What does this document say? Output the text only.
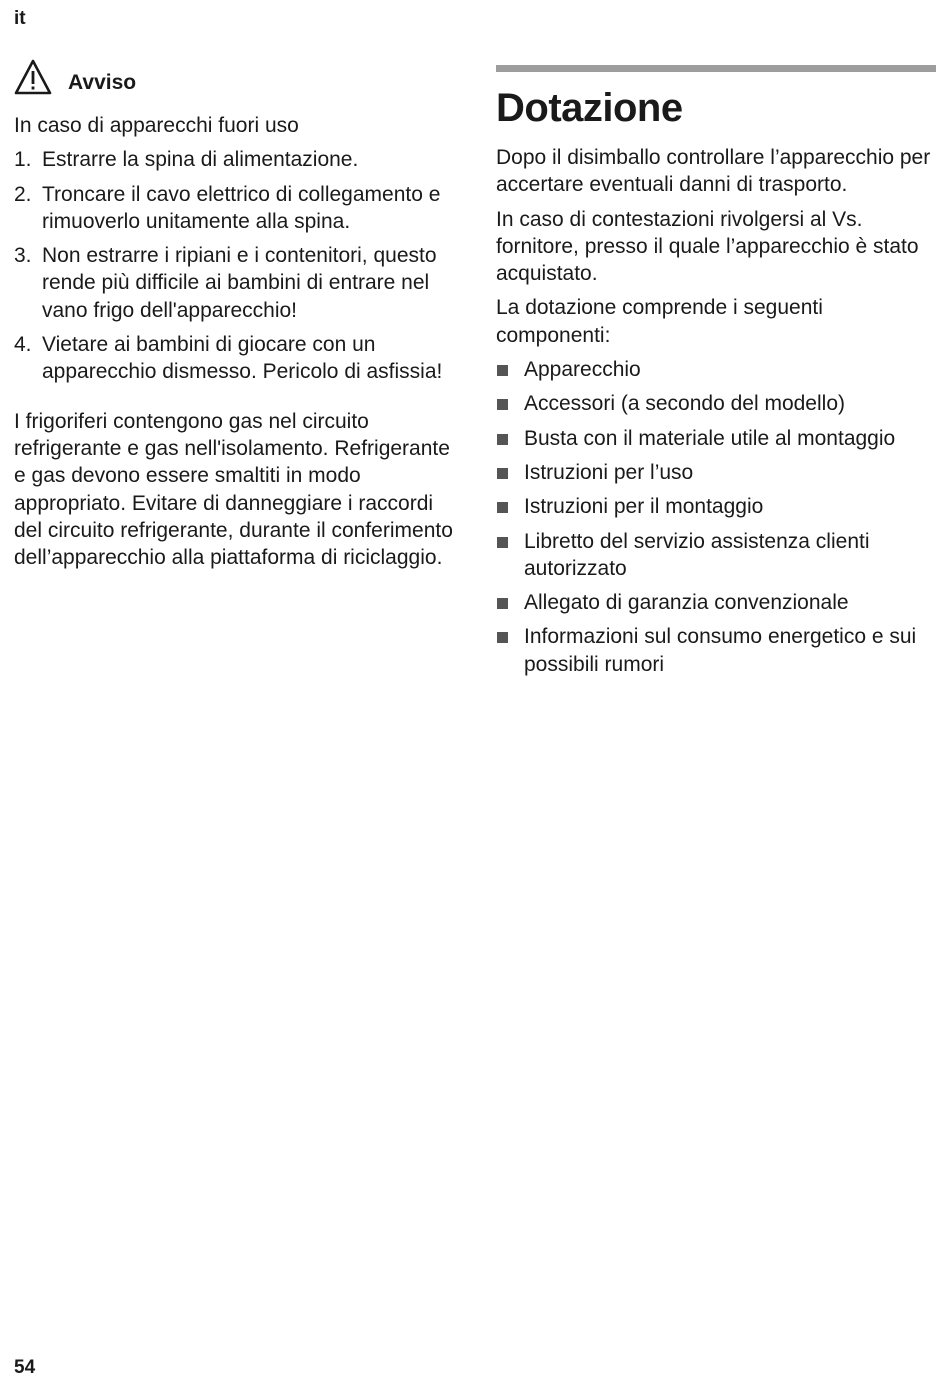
it
Avviso
In caso di apparecchi fuori uso
1. Estrarre la spina di alimentazione.
2. Troncare il cavo elettrico di collegamento e rimuoverlo unitamente alla spina.
3. Non estrarre i ripiani e i contenitori, questo rende più difficile ai bambini di entrare nel vano frigo dell'apparecchio!
4. Vietare ai bambini di giocare con un apparecchio dismesso. Pericolo di asfissia!
I frigoriferi contengono gas nel circuito refrigerante e gas nell'isolamento. Refrigerante e gas devono essere smaltiti in modo appropriato. Evitare di danneggiare i raccordi del circuito refrigerante, durante il conferimento dell’apparecchio alla piattaforma di riciclaggio.
Dotazione
Dopo il disimballo controllare l’apparecchio per accertare eventuali danni di trasporto.
In caso di contestazioni rivolgersi al Vs. fornitore, presso il quale l’apparecchio è stato acquistato.
La dotazione comprende i seguenti componenti:
Apparecchio
Accessori (a secondo del modello)
Busta con il materiale utile al montaggio
Istruzioni per l’uso
Istruzioni per il montaggio
Libretto del servizio assistenza clienti autorizzato
Allegato di garanzia convenzionale
Informazioni sul consumo energetico e sui possibili rumori
54
